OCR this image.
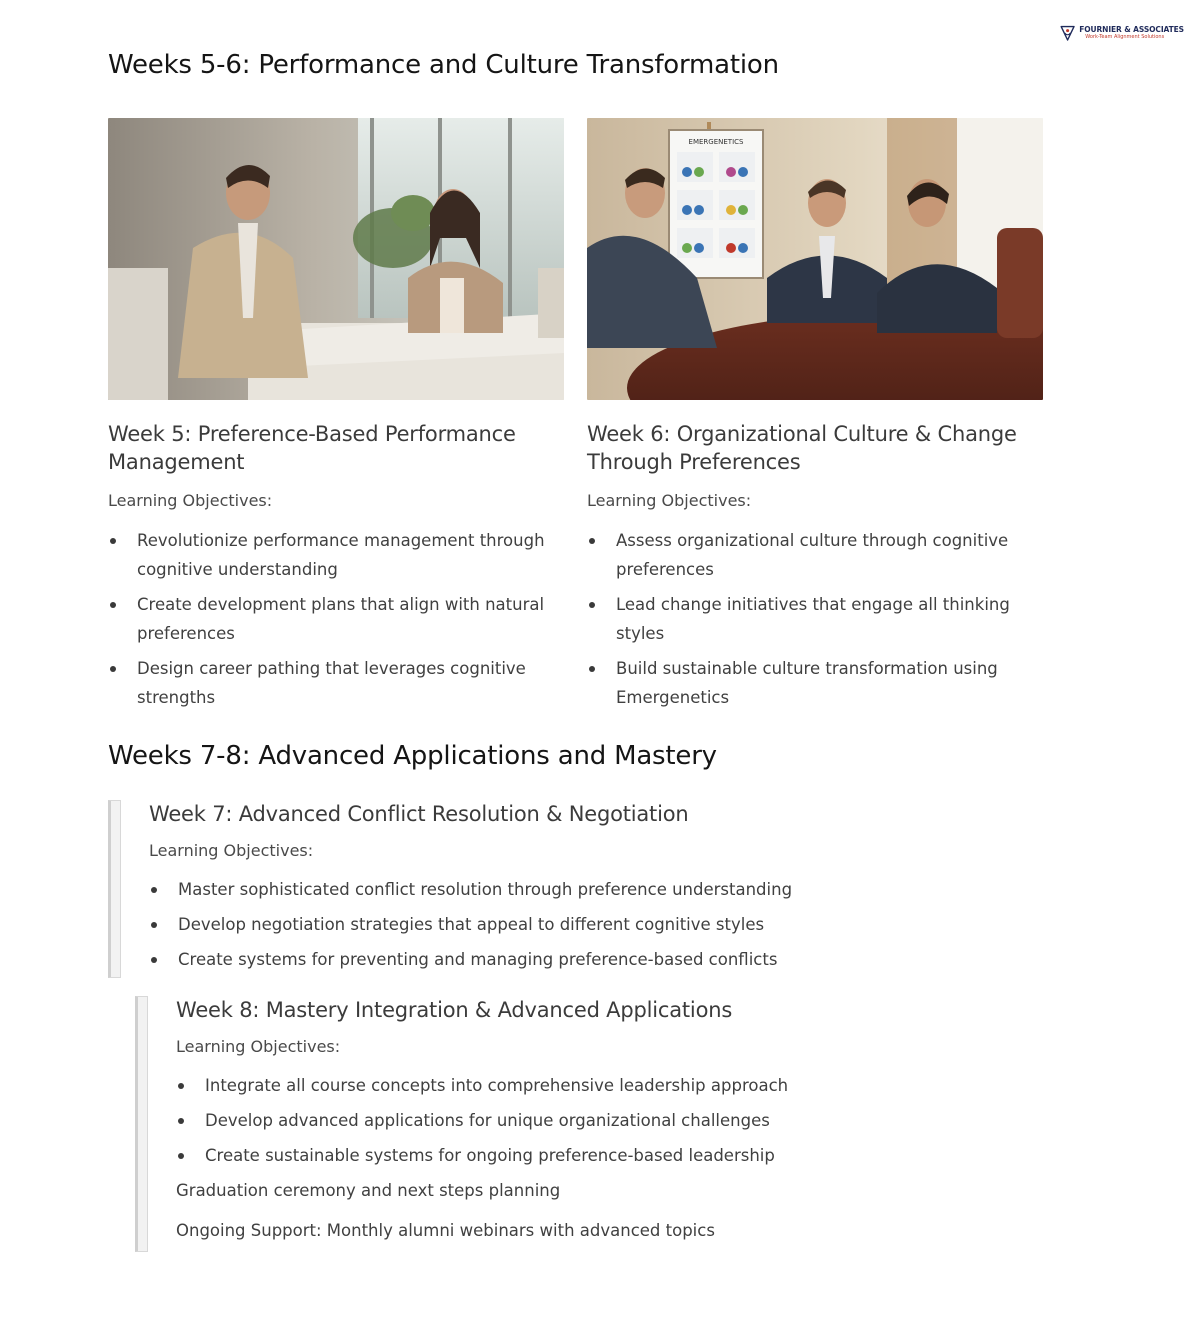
FOURNIER & ASSOCIATES
Work-Team Alignment Solutions
Weeks 5-6: Performance and Culture Transformation
EMERGENETICS
Week 5: Preference-Based Performance Management

Learning Objectives:

Revolutionize performance management through cognitive understanding
Create development plans that align with natural preferences
Design career pathing that leverages cognitive strengths
Week 6: Organizational Culture & Change Through Preferences

Learning Objectives:

Assess organizational culture through cognitive preferences
Lead change initiatives that engage all thinking styles
Build sustainable culture transformation using Emergenetics
Weeks 7-8: Advanced Applications and Mastery
Week 7: Advanced Conflict Resolution & Negotiation

Learning Objectives:

Master sophisticated conflict resolution through preference understanding
Develop negotiation strategies that appeal to different cognitive styles
Create systems for preventing and managing preference-based conflicts
Week 8: Mastery Integration & Advanced Applications

Learning Objectives:

Integrate all course concepts into comprehensive leadership approach
Develop advanced applications for unique organizational challenges
Create sustainable systems for ongoing preference-based leadership

Graduation ceremony and next steps planning

Ongoing Support: Monthly alumni webinars with advanced topics
